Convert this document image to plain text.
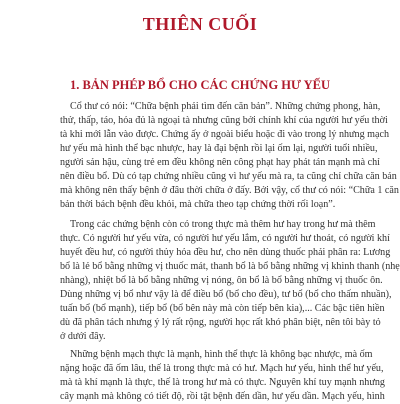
THIÊN CUỐI
1. BẢN PHÉP BỔ CHO CÁC CHỨNG HƯ YẾU
Cổ thư có nói: “Chữa bệnh phải tìm đến căn bản”. Những chứng phong, hàn,
thử, thấp, táo, hỏa đủ là ngoại tà nhưng cũng bởi chính khí của người hư yếu thời
tà khi mới lẫn vào được. Chứng ấy ở ngoài biểu hoặc đi vào trong lý nhưng mạch
hư yếu mà hình thể bạc nhược, hay là đại bệnh rồi lại ốm lại, người tuổi nhiều,
người sản hậu, cùng trẻ em đều không nên công phạt hay phát tán mạnh mà chỉ
nên điều bổ. Dù có tạp chứng nhiều cũng vì hư yếu mà ra, ta cũng chỉ chữa căn bản
mà không nên thấy bệnh ở đâu thời chữa ở đấy. Bởi vậy, cổ thư có nói: “Chữa 1 căn
bản thời bách bệnh đều khỏi, mà chữa theo tạp chứng thời rối loạn”.
Trong các chứng bệnh còn có trong thực mà thêm hư hay trong hư mà thêm
thực. Có người hư yếu vừa, có người hư yếu lắm, có người hư thoát, có người khí
huyết đều hư, có người thủy hỏa đều hư, cho nên dùng thuốc phải phân ra: Lương
bổ là lẻ bổ bằng những vị thuốc mát, thanh bổ là bổ bằng những vị khinh thanh (nhẹ
nhàng), nhiệt bổ là bổ bằng những vị nóng, ôn bổ là bổ bằng những vị thuốc ôn.
Dùng những vị bổ như vậy là để điều bổ (bổ cho đều), tư bổ (bổ cho thấm nhuần),
tuấn bổ (bổ mạnh), tiếp bổ (bổ bên này mà còn tiếp bên kia),... Các bậc tiên hiền
dù đã phân tách nhưng ý lý rất rộng, người học rất khó phân biệt, nên tôi bày tỏ
ở dưới đây.
Những bệnh mạch thực là mạnh, hình thể thực là không bạc nhược, mà ốm
nặng hoặc đã ốm lâu, thế là trong thực mà có hư. Mạch hư yếu, hình thể hư yếu,
mà tà khí mạnh là thực, thế là trong hư mà có thực. Nguyên khí tuy mạnh nhưng
cây mạnh mà không có tiết độ, rồi tật bệnh đến dần, hư yếu dần. Mạch yếu, hình
